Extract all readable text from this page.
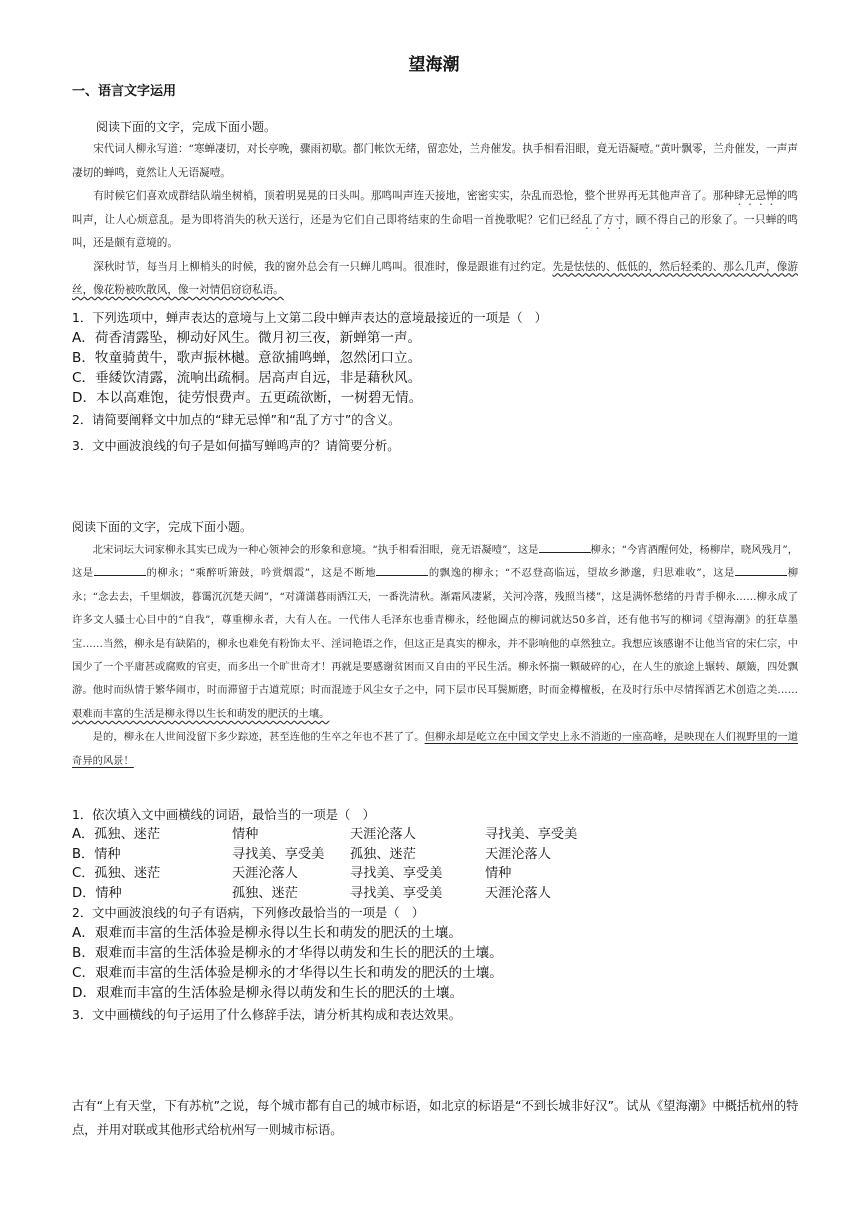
望海潮
一、语言文字运用
阅读下面的文字，完成下面小题。

宋代词人柳永写道：“寒蝉凄切，对长亭晚，骤雨初歇。都门帐饮无绪，留恋处，兰舟催发。执手相看泪眼，竟无语凝噎。”黄叶飘零，兰舟催发，一声声凄切的蝉鸣，竟然让人无语凝噎。

有时候它们喜欢成群结队端坐树梢，顶着明晃晃的日头叫。那鸣叫声连天接地，密密实实，杂乱而恐怆，整个世界再无其他声音了。那种肆无忌惮的鸣叫声，让人心烦意乱。是为即将消失的秋天送行，还是为它们自己即将结束的生命唱一首挽歌呢？它们已经乱了方寸，顾不得自己的形象了。一只蝉的鸣叫，还是颇有意境的。

深秋时节，每当月上柳梢头的时候，我的窗外总会有一只蝉儿鸣叫。很准时，像是跟谁有过约定。先是怯怯的、低低的，然后轻柔的、那么几声，像游丝，像花粉被吹散风，像一対情侣窃窃私语。

1．下列选项中，蝉声表达的意境与上文第二段中蝉声表达的意境最接近的一项是（　）

A．荷香清露坠，柳动好风生。微月初三夜，新蝉第一声。

B．牧童骑黄牛，歌声振林樾。意欲捕鸣蝉，忽然闭口立。

C．垂緌饮清露，流响出疏桐。居高声自远，非是藉秋风。

D．本以高难饱，徒劳恨费声。五更疏欲断，一树碧无情。

2．请简要阐释文中加点的“肆无忌惮”和“乱了方寸”的含义。

3．文中画波浪线的句子是如何描写蝉鸣声的？请简要分析。

阅读下面的文字，完成下面小题。

北宋词坛大词家柳永其实已成为一种心领神会的形象和意境。“执手相看泪眼，竟无语凝噎”，这是	柳永；“今宵酒醒何处，杨柳岸，晓风残月”，这是	的柳永；“乘醉听箫鼓，吟赏烟霞”，这是不断地	的飘逸的柳永；“不忍登高临远，望故乡渺邈，归思难收”，这是	柳永；“念去去，千里烟波，暮霭沉沉楚天阔”，“对潇潇暮雨洒江天，一番洗清秋。渐霜风凄紧，关河冷落，残照当楼”，这是满怀愁绪的丹青手柳永……柳永成了许多文人骚士心目中的“自我”，尊重柳永者，大有人在。一代伟人毛泽东也垂青柳永，经他圈点的柳词就达50多首，还有他书写的柳词《望海潮》的狂草墨宝……当然，柳永是有缺陷的，柳永也难免有粉饰太平、淫词艳语之作，但这正是真实的柳永，并不影响他的卓然独立。我想应该感谢不让他当官的宋仁宗，中国少了一个平庸甚或腐败的官吏，而多出一个旷世奇才！再就是要感谢贫困而又自由的平民生活。柳永怀揣一颗破碎的心，在人生的旅途上辗转、颠簸，四处飘游。他时而纵情于繁华闹市，时而滞留于古道荒原；时而混迹于风尘女子之中，同下层市民耳鬓厮磨，时而金樽檀板，在及时行乐中尽情挥洒艺术创造之美……艰难而丰富的生活是柳永得以生长和萌发的肥沃的土壤。

是的，柳永在人世间没留下多少踪迹，甚至连他的生卒之年也不甚了了。但柳永却是屹立在中国文学史上永不消逝的一座高峰，是映现在人们视野里的一道奇异的风景！

1．依次填入文中画横线的词语，最恰当的一项是（　）

A．孤独、迷茫	情种	天涯沦落人	寻找美、享受美

B．情种	寻找美、享受美 孤独、迷茫	天涯沦落人

C．孤独、迷茫	天涯沦落人	寻找美、享受美	情种

D．情种	孤独、迷茫	寻找美、享受美	天涯沦落人

2．文中画波浪线的句子有语病，下列修改最恰当的一项是（　）

A．艰难而丰富的生活体验是柳永得以生长和萌发的肥沃的土壤。

B．艰难而丰富的生活体验是柳永的才华得以萌发和生长的肥沃的土壤。

C．艰难而丰富的生活体验是柳永的才华得以生长和萌发的肥沃的土壤。

D．艰难而丰富的生活体验是柳永得以萌发和生长的肥沃的土壤。

3．文中画横线的句子运用了什么修辞手法，请分析其构成和表达效果。

古有“上有天堂，下有苏杭”之说，每个城市都有自己的城市标语，如北京的标语是“不到长城非好汉”。试从《望海潮》中概括杭州的特点，并用对联或其他形式给杭州写一则城市标语。
